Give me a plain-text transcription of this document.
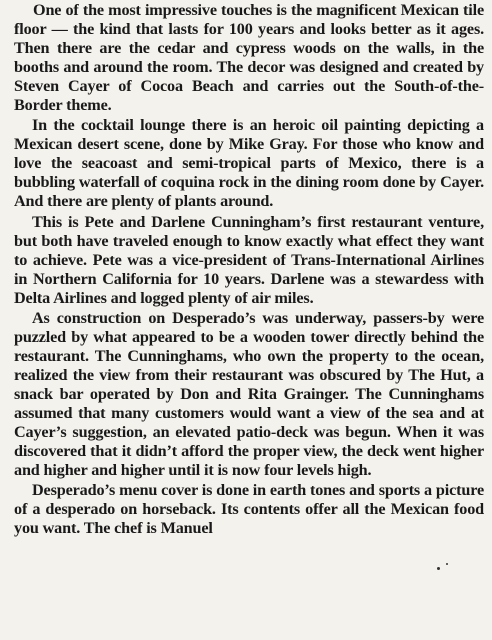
One of the most impressive touches is the magnificent Mexican tile floor — the kind that lasts for 100 years and looks better as it ages. Then there are the cedar and cypress woods on the walls, in the booths and around the room. The decor was designed and created by Steven Cayer of Cocoa Beach and carries out the South-of-the-Border theme.

In the cocktail lounge there is an heroic oil painting depicting a Mexican desert scene, done by Mike Gray. For those who know and love the seacoast and semi-tropical parts of Mexico, there is a bubbling waterfall of coquina rock in the dining room done by Cayer. And there are plenty of plants around.

This is Pete and Darlene Cunningham’s first restaurant venture, but both have traveled enough to know exactly what effect they want to achieve. Pete was a vice-president of Trans-International Airlines in Northern California for 10 years. Darlene was a stewardess with Delta Airlines and logged plenty of air miles.

As construction on Desperado’s was underway, passers-by were puzzled by what appeared to be a wooden tower directly behind the restaurant. The Cunninghams, who own the property to the ocean, realized the view from their restaurant was obscured by The Hut, a snack bar operated by Don and Rita Grainger. The Cunninghams assumed that many customers would want a view of the sea and at Cayer’s suggestion, an elevated patio-deck was begun. When it was discovered that it didn’t afford the proper view, the deck went higher and higher and higher until it is now four levels high.

Desperado’s menu cover is done in earth tones and sports a picture of a desperado on horseback. Its contents offer all the Mexican food you want. The chef is Manuel
